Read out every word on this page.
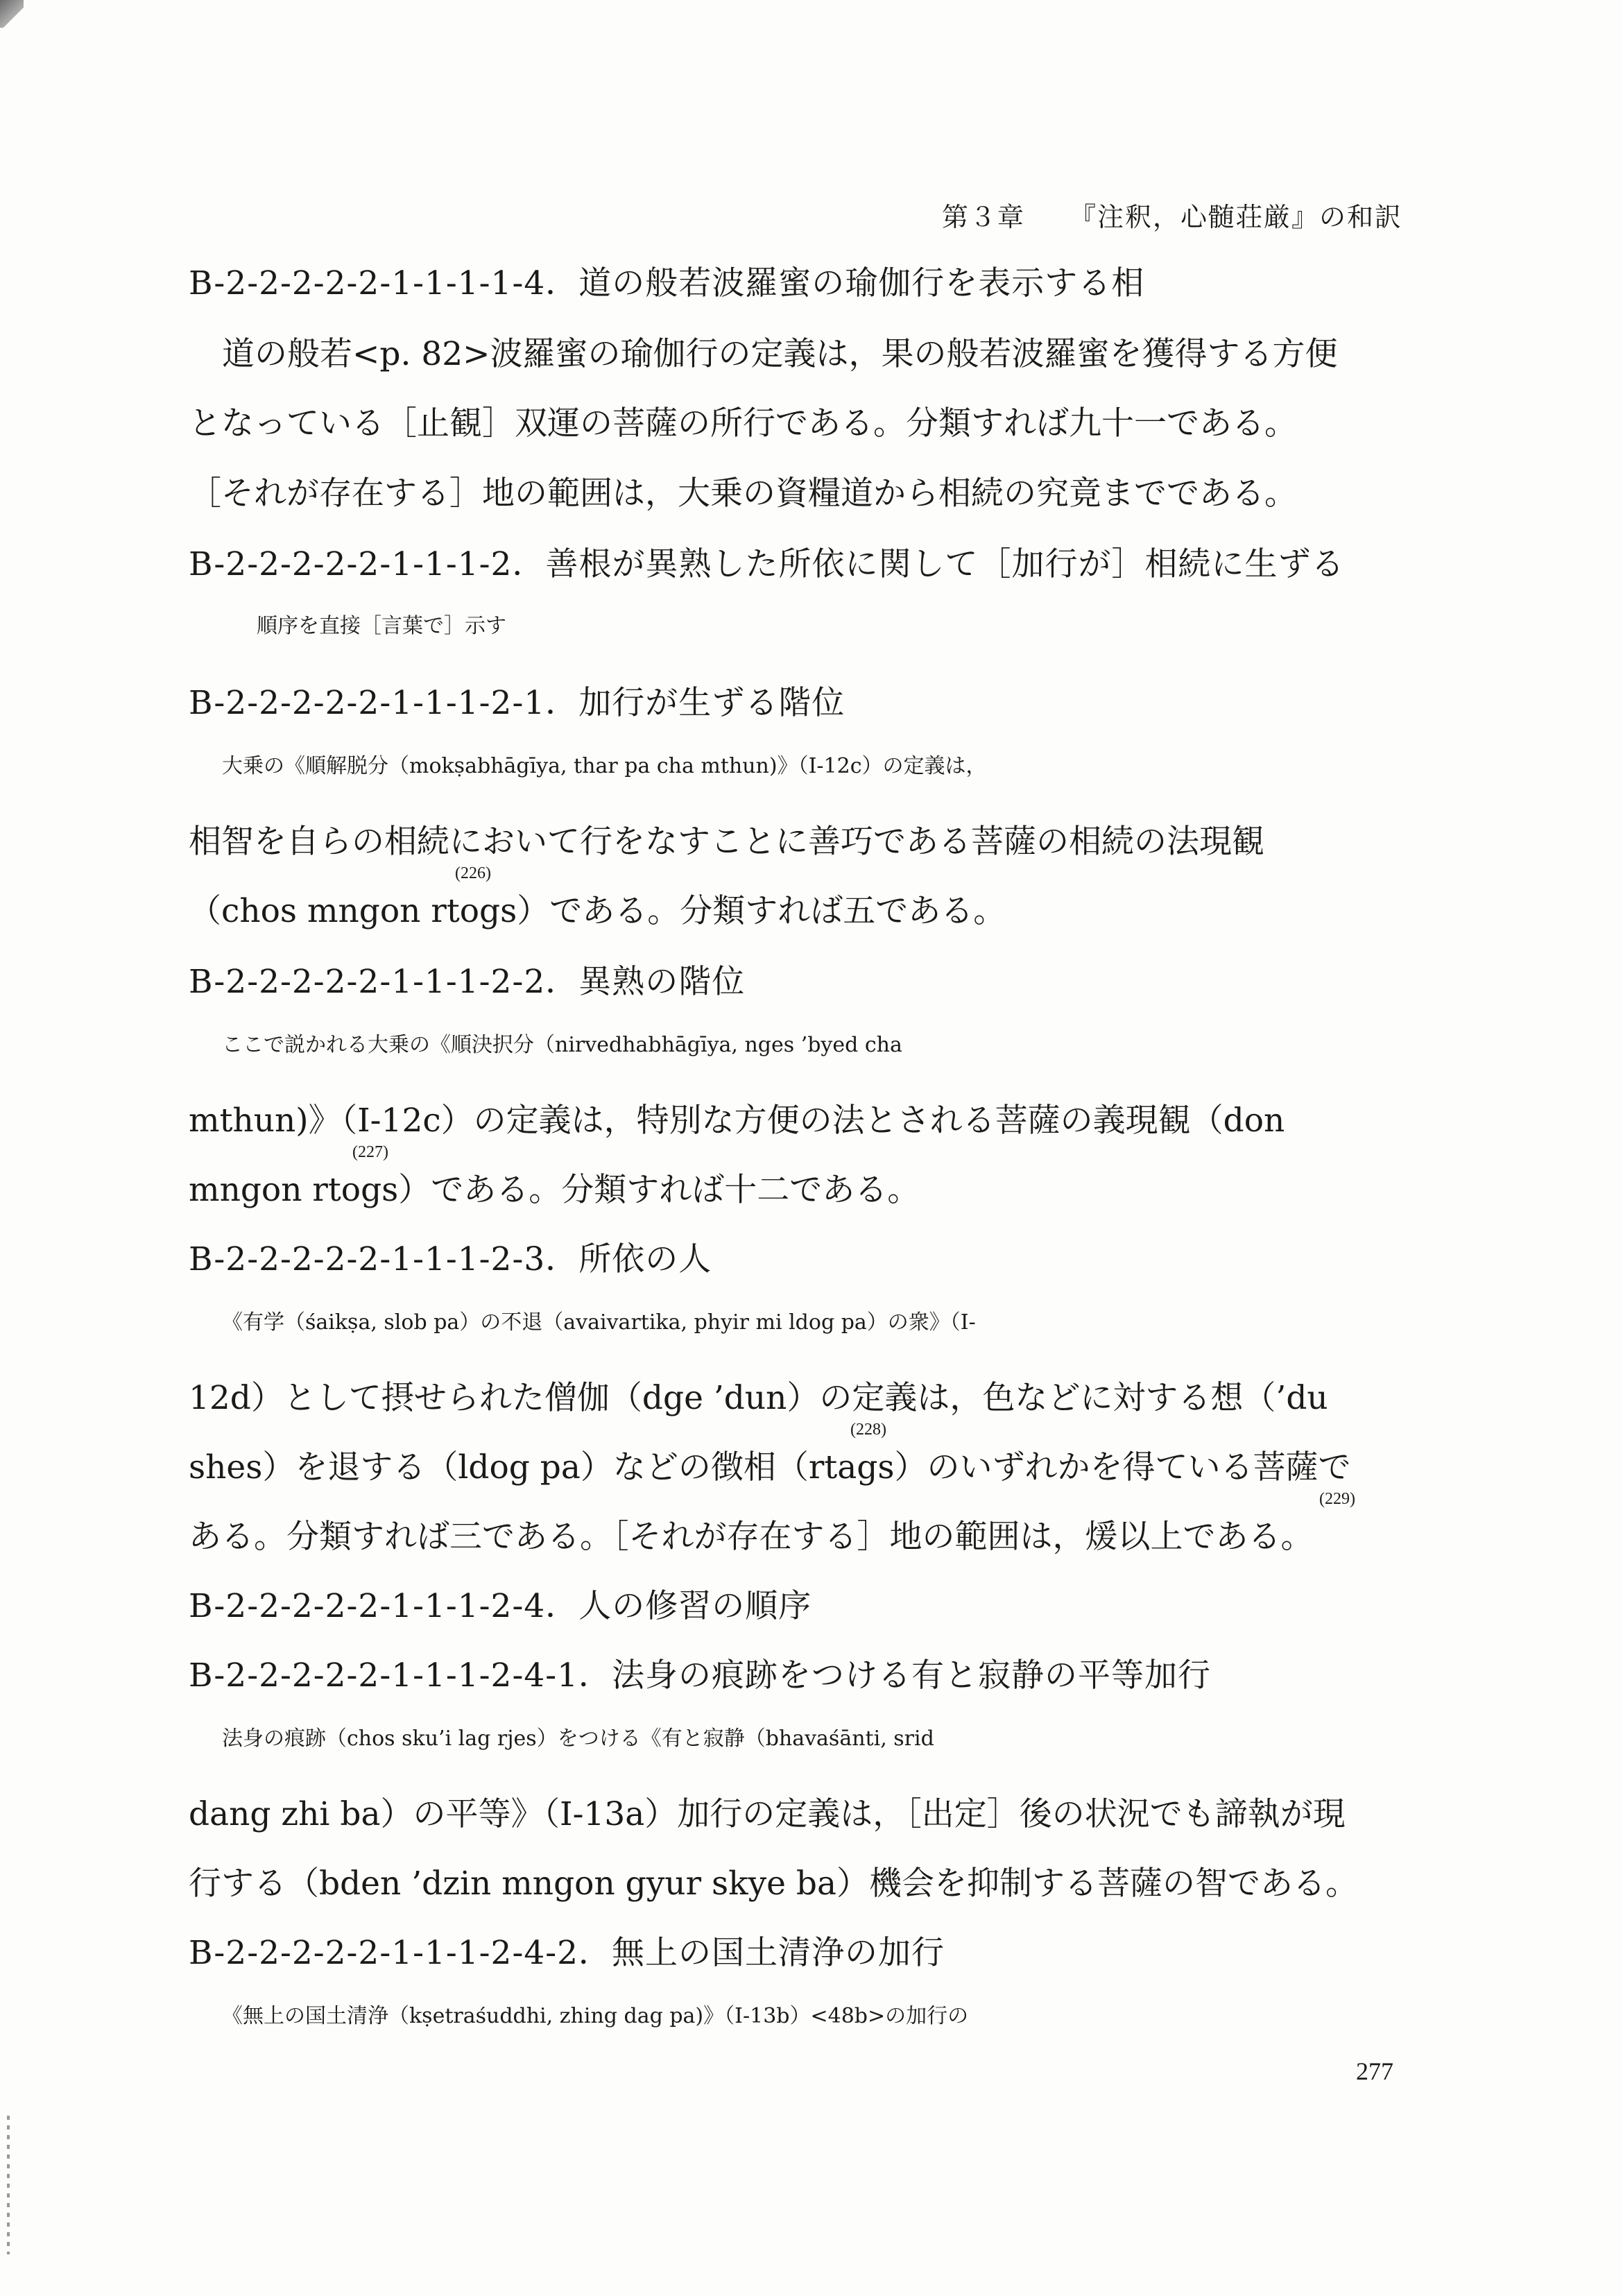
第３章 『注釈，心髄荘厳』の和訳
B-2-2-2-2-2-1-1-1-1-4．道の般若波羅蜜の瑜伽行を表示する相
道の般若<p. 82>波羅蜜の瑜伽行の定義は，果の般若波羅蜜を獲得する方便
となっている［止観］双運の菩薩の所行である。分類すれば九十一である。
［それが存在する］地の範囲は，大乗の資糧道から相続の究竟までである。
B-2-2-2-2-2-1-1-1-2．善根が異熟した所依に関して［加行が］相続に生ずる
順序を直接［言葉で］示す
B-2-2-2-2-2-1-1-1-2-1．加行が生ずる階位
大乗の《順解脱分（mokṣabhāgīya, thar pa cha mthun)》（I-12c）の定義は，
相智を自らの相続において行をなすことに善巧である菩薩の相続の法現観
（chos mngon rtogs）である。分類すれば五である。
(226)
B-2-2-2-2-2-1-1-1-2-2．異熟の階位
ここで説かれる大乗の《順決択分（nirvedhabhāgīya, nges ’byed cha
mthun)》（I-12c）の定義は，特別な方便の法とされる菩薩の義現観（don
mngon rtogs）である。分類すれば十二である。
(227)
B-2-2-2-2-2-1-1-1-2-3．所依の人
《有学（śaikṣa, slob pa）の不退（avaivartika, phyir mi ldog pa）の衆》（I-
12d）として摂せられた僧伽（dge ’dun）の定義は，色などに対する想（’du
shes）を退する（ldog pa）などの徴相（rtags）のいずれかを得ている菩薩で
(228)
ある。分類すれば三である。［それが存在する］地の範囲は，煖以上である。
(229)
B-2-2-2-2-2-1-1-1-2-4．人の修習の順序
B-2-2-2-2-2-1-1-1-2-4-1．法身の痕跡をつける有と寂静の平等加行
法身の痕跡（chos sku’i lag rjes）をつける《有と寂静（bhavaśānti, srid
dang zhi ba）の平等》（I-13a）加行の定義は，［出定］後の状況でも諦執が現
行する（bden ’dzin mngon gyur skye ba）機会を抑制する菩薩の智である。
B-2-2-2-2-2-1-1-1-2-4-2．無上の国土清浄の加行
《無上の国土清浄（kṣetraśuddhi, zhing dag pa)》（I-13b）<48b>の加行の
277
